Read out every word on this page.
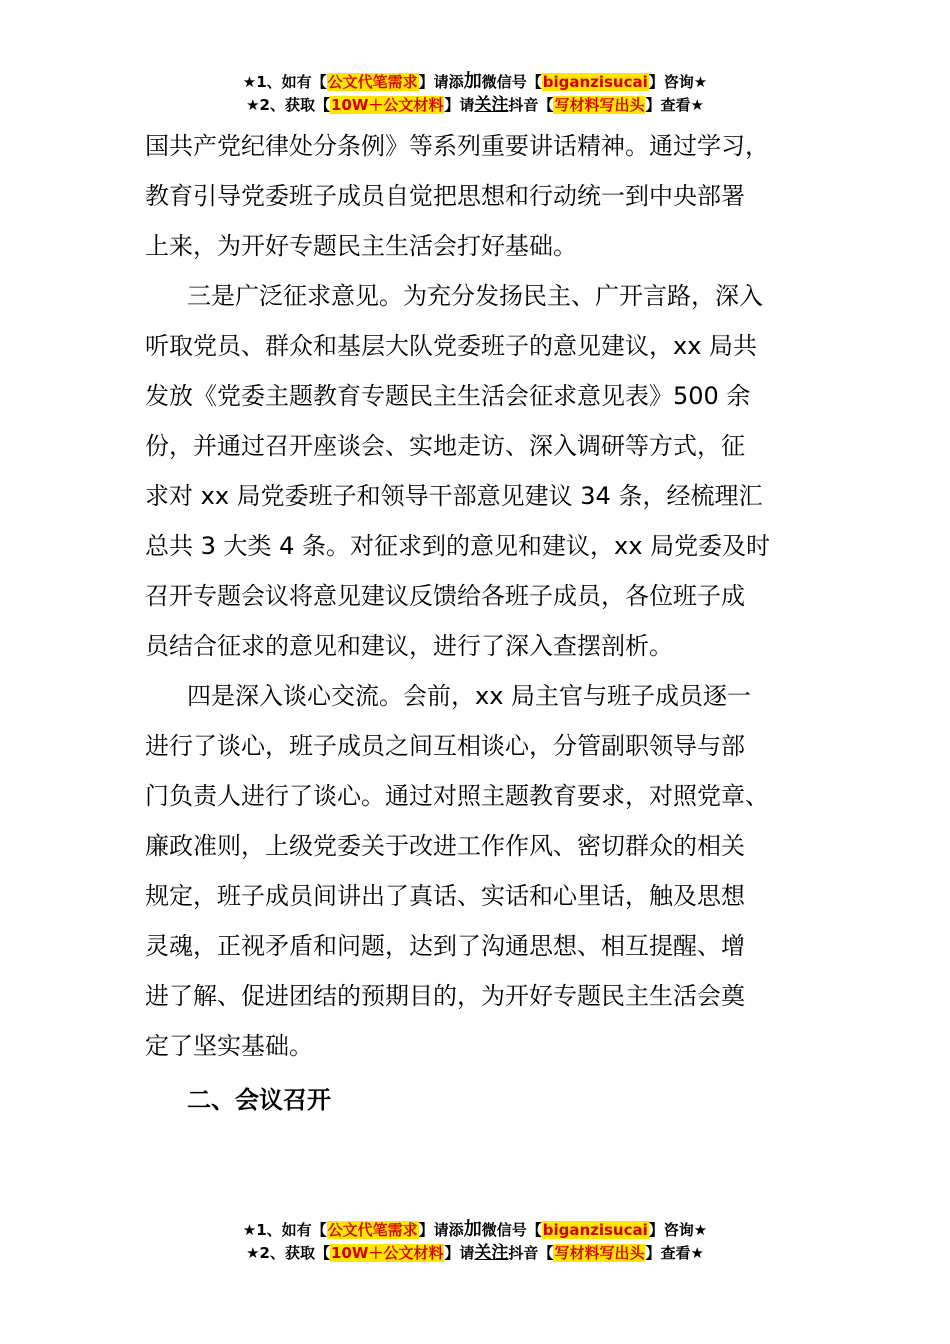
★1、如有【公文代笔需求】请添加微信号【biganzisucai】咨询★
★2、获取【10W＋公文材料】请关注抖音【写材料写出头】查看★
国共产党纪律处分条例》等系列重要讲话精神。通过学习，
教育引导党委班子成员自觉把思想和行动统一到中央部署
上来，为开好专题民主生活会打好基础。
三是广泛征求意见。为充分发扬民主、广开言路，深入
听取党员、群众和基层大队党委班子的意见建议，xx 局共
发放《党委主题教育专题民主生活会征求意见表》500 余
份，并通过召开座谈会、实地走访、深入调研等方式，征
求对 xx 局党委班子和领导干部意见建议 34 条，经梳理汇
总共 3 大类 4 条。对征求到的意见和建议，xx 局党委及时
召开专题会议将意见建议反馈给各班子成员，各位班子成
员结合征求的意见和建议，进行了深入查摆剖析。
四是深入谈心交流。会前，xx 局主官与班子成员逐一
进行了谈心，班子成员之间互相谈心，分管副职领导与部
门负责人进行了谈心。通过对照主题教育要求，对照党章、
廉政准则，上级党委关于改进工作作风、密切群众的相关
规定，班子成员间讲出了真话、实话和心里话，触及思想
灵魂，正视矛盾和问题，达到了沟通思想、相互提醒、增
进了解、促进团结的预期目的，为开好专题民主生活会奠
定了坚实基础。
二、会议召开
★1、如有【公文代笔需求】请添加微信号【biganzisucai】咨询★
★2、获取【10W＋公文材料】请关注抖音【写材料写出头】查看★
